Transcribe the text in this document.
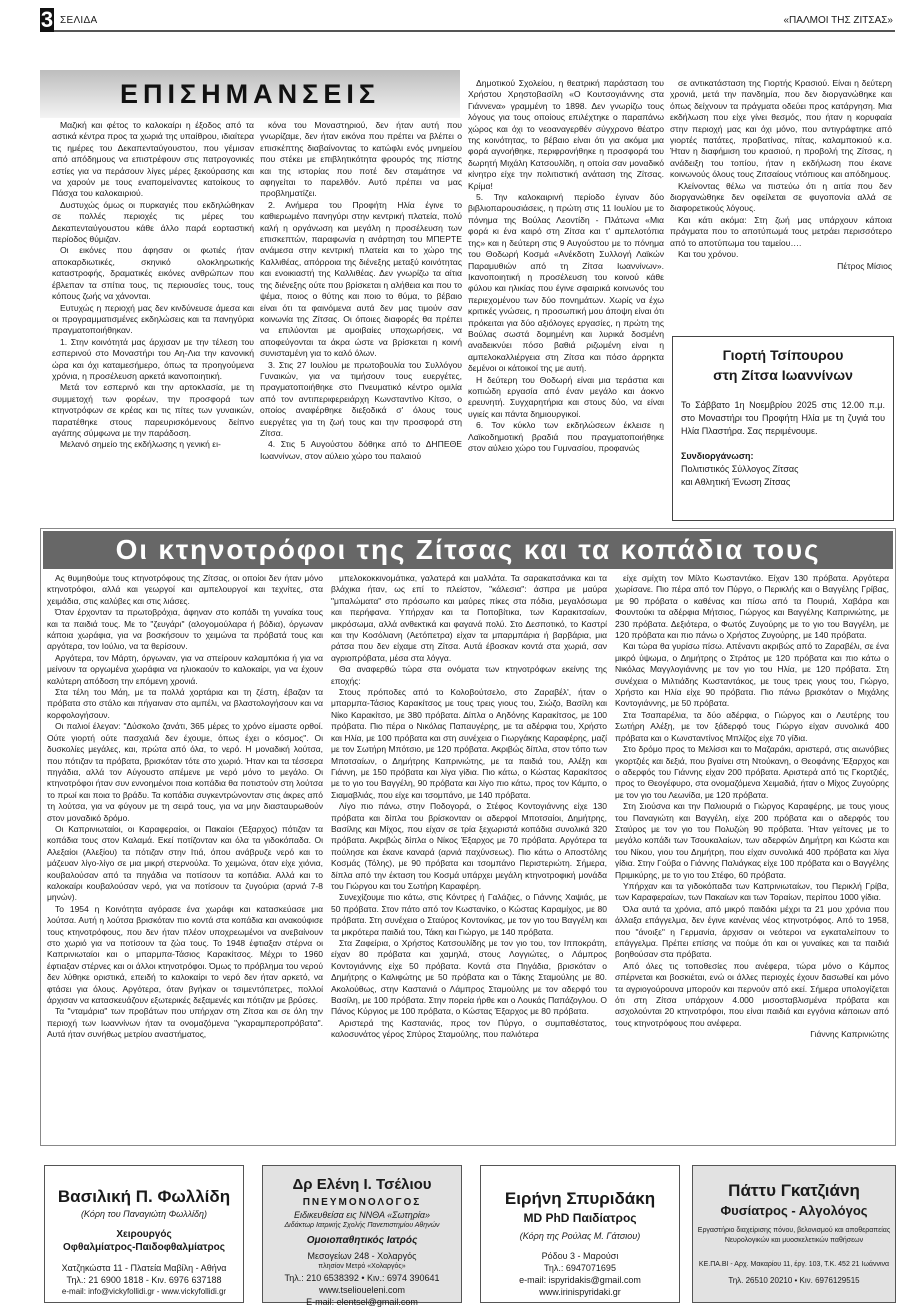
3 ΣΕΛΙΔΑ	«ΠΑΛΜΟΙ ΤΗΣ ΖΙΤΣΑΣ»
ΕΠΙΣΗΜΑΝΣΕΙΣ

Μαζική και φέτος το καλοκαίρι η έξοδος από τα αστικά κέντρα προς τα χωριά της υπαίθρου, ιδιαίτερα τις ημέρες του Δεκαπενταύγουστου, που γέμισαν από απόδημους να επιστρέφουν στις πατρογονικές εστίες για να περάσουν λίγες μέρες ξεκούρασης και να χαρούν με τους εναπομείναντες κατοίκους το Πάσχα του καλοκαιριού.

Δυστυχώς όμως οι πυρκαγιές που εκδηλώθηκαν σε πολλές περιοχές τις μέρες του Δεκαπενταύγουστου κάθε άλλο παρά εορταστική περίοδος θύμιζαν.

Οι εικόνες που άφησαν οι φωτιές ήταν αποκαρδιωτικές, σκηνικό ολοκληρωτικής καταστροφής, δραματικές εικόνες ανθρώπων που έβλεπαν τα σπίτια τους, τις περιουσίες τους, τους κόπους ζωής να χάνονται.

Ευτυχώς η περιοχή μας δεν κινδύνευσε άμεσα και οι προγραμματισμένες εκδηλώσεις και τα πανηγύρια πραγματοποιήθηκαν.

1. Στην κοινότητά μας άρχισαν με την τέλεση του εσπερινού στο Μοναστήρι του Αη-Λια την κανονική ώρα και όχι καταμεσήμερο, όπως τα προηγούμενα χρόνια, η προσέλευση αρκετά ικανοποιητική.

Μετά τον εσπερινό και την αρτοκλασία, με τη συμμετοχή των φορέων, την προσφορά των κτηνοτρόφων σε κρέας και τις πίτες των γυναικών, παρατέθηκε στους παρευρισκόμενους δείπνο αγάπης σύμφωνα με την παράδοση.

Μελανό σημείο της εκδήλωσης η γενική ει-

κόνα του Μοναστηριού, δεν ήταν αυτή που γνωρίζαμε, δεν ήταν εικόνα που πρέπει να βλέπει ο επισκέπτης διαβαίνοντας το κατώφλι ενός μνημείου που στέκει με επιβλητικότητα φρουρός της πίστης και της ιστορίας που ποτέ δεν σταμάτησε να αφηγείται το παρελθόν. Αυτό πρέπει να μας προβληματίζει.

2. Ανήμερα του Προφήτη Ηλία έγινε το καθιερωμένο πανηγύρι στην κεντρική πλατεία, πολύ καλή η οργάνωση και μεγάλη η προσέλευση των επισκεπτών, παραφωνία η ανάρτηση του ΜΠΕΡΤΕ ανάμεσα στην κεντρική πλατεία και το χώρο της Καλλιθέας, απόρροια της διένεξης μεταξύ κοινότητας και ενοικιαστή της Καλλιθέας. Δεν γνωρίζω τα αίτια της διένεξης ούτε που βρίσκεται η αλήθεια και που το ψέμα, ποιος ο θύτης και ποιο το θύμα, το βέβαιο είναι ότι τα φαινόμενα αυτά δεν μας τιμούν σαν κοινωνία της Ζίτσας. Οι όποιες διαφορές θα πρέπει να επιλύονται με αμοιβαίες υποχωρήσεις, να αποφεύγονται τα άκρα ώστε να βρίσκεται η κοινή συνισταμένη για το καλό όλων.

3. Στις 27 Ιουλίου με πρωτοβουλία του Συλλόγου Γυναικών, για να τιμήσουν τους ευεργέτες, πραγματοποιήθηκε στο Πνευματικό κέντρο ομιλία από τον αντιπεριφερειάρχη Κωνσταντίνο Κίτσο, ο οποίος αναφέρθηκε διεξοδικά σ' όλους τους ευεργέτες για τη ζωή τους και την προσφορά στη Ζίτσα.

4. Στις 5 Αυγούστου δόθηκε από το ΔΗΠΕΘΕ Ιωαννίνων, στον αύλειο χώρο του παλαιού

Δημοτικού Σχολείου, η θεατρική παράσταση του Χρήστου Χρηστοβασίλη «Ο Κουτσογιάννης στα Γιάννενα» γραμμένη το 1898. Δεν γνωρίζω τους λόγους για τους οποίους επιλέχτηκε ο παραπάνω χώρος και όχι το νεοαναγερθέν σύγχρονο θέατρο της κοινότητας, το βέβαιο είναι ότι για ακόμα μια φορά αγνοήθηκε, περιφρονήθηκε η προσφορά του δωρητή Μιχάλη Κατσουλίδη, η οποία σαν μοναδικό κίνητρο είχε την πολιτιστική ανάταση της Ζίτσας. Κρίμα!

5. Την καλοκαιρινή περίοδο έγιναν δύο βιβλιοπαρουσιάσεις, η πρώτη στις 11 Ιουλίου με το πόνημα της Βούλας Λεοντίδη - Πλάτωνα «Μια φορά κι ένα καιρό στη Ζίτσα και τ' αμπελοτόπια της» και η δεύτερη στις 9 Αυγούστου με το πόνημα του Θοδωρή Κοσμά «Ανέκδοτη Συλλογή Λαϊκών Παραμυθιών από τη Ζίτσα Ιωαννίνων». Ικανοποιητική η προσέλευση του κοινού κάθε φύλου και ηλικίας που έγινε σφαιρικά κοινωνός του περιεχομένου των δύο πονημάτων. Χωρίς να έχω κριτικές γνώσεις, η προσωπική μου άποψη είναι ότι πρόκειται για δύο αξιόλογες εργασίες, η πρώτη της Βούλας σωστά δομημένη και λυρικά δοσμένη αναδεικνύει πόσο βαθιά ριζωμένη είναι η αμπελοκαλλιέργεια στη Ζίτσα και πόσο άρρηκτα δεμένοι οι κάτοικοί της με αυτή.

Η δεύτερη του Θοδωρή είναι μια τεράστια και κοπιώδη εργασία από έναν μεγάλο και άοκνο ερευνητή. Συγχαρητήρια και στους δύο, να είναι υγιείς και πάντα δημιουργικοί.

6. Τον κύκλο των εκδηλώσεων έκλεισε η Λαϊκοδημοτική βραδιά που πραγματοποιήθηκε στον αύλειο χώρο του Γυμνασίου, προφανώς

σε αντικατάσταση της Γιορτής Κρασιού. Είναι η δεύτερη χρονιά, μετά την πανδημία, που δεν διοργανώθηκε και όπως δείχνουν τα πράγματα οδεύει προς κατάργηση. Μια εκδήλωση που είχε γίνει θεσμός, που ήταν η κορυφαία στην περιοχή μας και όχι μόνο, που αντιγράφτηκε από γιορτές πατάτες, προβατίνας, πίτας, καλαμποκιού κ.α. Ήταν η διαφήμιση του κρασιού, η προβολή της Ζίτσας, η ανάδειξη του τοπίου, ήταν η εκδήλωση που έκανε κοινωνούς όλους τους Ζιτσαίους ντόπιους και απόδημους.

Κλείνοντας θέλω να πιστεύω ότι η αιτία που δεν διοργανώθηκε δεν οφείλεται σε φυγοπονία αλλά σε διαφορετικούς λόγους.

Και κάτι ακόμα: Στη ζωή μας υπάρχουν κάποια πράγματα που το αποτύπωμά τους μετράει περισσότερο από το αποτύπωμα του ταμείου….

Και του χρόνου.

Πέτρος Μίσιος

Γιορτή Τσίπουρου
στη Ζίτσα Ιωαννίνων
Το Σάββατο 1η Νοεμβρίου 2025 στις 12.00 π.μ. στο Μοναστήρι του Προφήτη Ηλία με τη ζυγιά του Ηλία Πλαστήρα. Σας περιμένουμε.
Συνδιοργάνωση:
Πολιτιστικός Σύλλογος Ζίτσας
και Αθλητική Ένωση Ζίτσας
Οι κτηνοτρόφοι της Ζίτσας και τα κοπάδια τους

Ας θυμηθούμε τους κτηνοτρόφους της Ζίτσας, οι οποίοι δεν ήταν μόνο κτηνοτρόφοι, αλλά και γεωργοί και αμπελουργοί και τεχνίτες, στα χειμάδια, στις καλύβες και στις λιάσες.

Όταν έρχονταν τα πρωτοβρόχια, άφηναν στο κοπάδι τη γυναίκα τους και τα παιδιά τους. Με το "ζευγάρι" (αλογομούλαρα ή βόδια), όργωναν κάποια χωράφια, για να βοσκήσουν το χειμώνα τα πρόβατά τους και αργότερα, τον Ιούλιο, να τα θερίσουν.

Αργότερα, τον Μάρτη, όργωναν, για να σπείρουν καλαμπόκια ή για να μείνουν τα οργωμένα χωράφια να ηλιοκαούν το καλοκαίρι, για να έχουν καλύτερη απόδοση την επόμενη χρονιά.

Στα τέλη του Μάη, με τα πολλά χορτάρια και τη ζέστη, έβαζαν τα πρόβατα στο στάλο και πήγαιναν στο αμπέλι, να βλαστολογήσουν και να κορφολογήσουν.

Οι παλιοί έλεγαν: "Δύσκολο ζανάτι, 365 μέρες το χρόνο είμαστε ορθοί. Ούτε γιορτή ούτε πασχαλιά δεν έχουμε, όπως έχει ο κόσμος". Οι δυσκολίες μεγάλες, και, πρώτα από όλα, το νερό. Η μοναδική λούτσα, που πότιζαν τα πρόβατα, βρισκόταν τότε στο χωριό. Ήταν και τα τέσσερα πηγάδια, αλλά τον Αύγουστο απέμενε με νερό μόνο το μεγάλο. Οι κτηνοτρόφοι ήταν συν εννοημένοι ποια κοπάδια θα ποτιστούν στη λούτσα το πρωί και ποια το βράδυ. Τα κοπάδια συγκεντρώνονταν στις άκρες από τη λούτσα, για να φύγουν με τη σειρά τους, για να μην διασταυρωθούν στον μοναδικό δρόμο.

Οι Καπρινιωταίοι, οι Καραφεραίοι, οι Πακαίοι (Έξαρχος) πότιζαν τα κοπάδια τους στον Καλαμά. Εκεί ποτίζονταν και όλα τα γιδοκόπαδα. Οι Αλεξαίοι (Αλεξίου) τα πότιζαν στην Ιτιά, όπου ανάβρυζε νερό και το μάζευαν λίγο-λίγο σε μια μικρή στερνούλα. Το χειμώνα, όταν είχε χιόνια, κουβαλούσαν από τα πηγάδια να ποτίσουν τα κοπάδια. Αλλά και το καλοκαίρι κουβαλούσαν νερό, για να ποτίσουν τα ζυγούρια (αρνιά 7-8 μηνών).

Το 1954 η Κοινότητα αγόρασε ένα χωράφι και κατασκεύασε μια λούτσα. Αυτή η λούτσα βρισκόταν πιο κοντά στα κοπάδια και ανακούφισε τους κτηνοτρόφους, που δεν ήταν πλέον υποχρεωμένοι να ανεβαίνουν στο χωριό για να ποτίσουν τα ζώα τους. Το 1948 έφτιαξαν στέρνα οι Καπρινιωταίοι και ο μπαρμπα-Τάσιος Καρακίτσος. Μέχρι το 1960 έφτιαξαν στέρνες και οι άλλοι κτηνοτρόφοι. Όμως το πρόβλημα του νερού δεν λύθηκε οριστικά, επειδή το καλοκαίρι το νερό δεν ήταν αρκετό, να φτάσει για όλους. Αργότερα, όταν βγήκαν οι τσιμεντόπετρες, πολλοί άρχισαν να κατασκευάζουν εξωτερικές δεξαμενές και πότιζαν με βρύσες.

Τα "νταμάρια" των προβάτων που υπήρχαν στη Ζίτσα και σε όλη την περιοχή των Ιωαννίνων ήταν τα ονομαζόμενα "γκαραμπεροπρόβατα". Αυτά ήταν συνήθως μετρίου αναστήματος,

μπελοκοκκινομάτικα, γαλατερά και μαλλάτα. Τα σαρακατσάνικα και τα βλάχικα ήταν, ως επί το πλείστον, "κάλεσια": άσπρα με μαύρα "μπαλώματα" στο πρόσωπο και μαύρες πίκες στα πόδια, μεγαλόσωμα και περήφανα. Υπήρχαν και τα Ποποβίτικα, των Καρακιτσαίων, μικρόσωμα, αλλά ανθεκτικά και φαγανά πολύ. Στο Δεσποτικό, το Καστρί και την Κοσόλιανη (Αετόπετρα) είχαν τα μπαρμπάρια ή βαρβάρια, μια ράτσα που δεν είχαμε στη Ζίτσα. Αυτά έβοσκαν κοντά στα χωριά, σαν αγριοπρόβατα, μέσα στα λόγγα.

Θα αναφερθώ τώρα στα ονόματα των κτηνοτρόφων εκείνης της εποχής:

Στους πρόποδες από το Κολοβούτσελο, στο Ζαραβέλ', ήταν ο μπαρμπα-Τάσιος Καρακίτσος με τους τρεις γιους του, Σιώζο, Βασίλη και Νίκο Καρακίτσο, με 380 πρόβατα. Δίπλα ο Αηδόνης Καρακίτσος, με 100 πρόβατα. Πιο πέρα ο Νικόλας Παπαυγέρης, με τα αδέρφια του, Χρήστο και Ηλία, με 100 πρόβατα και στη συνέχεια ο Γιωργάκης Καραφέρης, μαζί με τον Σωτήρη Μπότσιο, με 120 πρόβατα. Ακριβώς δίπλα, στον τόπο των Μποτσαίων, ο Δημήτρης Καπρινιώτης, με τα παιδιά του, Αλέξη και Γιάννη, με 150 πρόβατα και λίγα γίδια. Πιο κάτω, ο Κώστας Καρακίτσος με το γιο του Βαγγέλη, 90 πρόβατα και λίγο πιο κάτω, προς τον Κάμπο, ο Σιαμαβλιάς, που είχε και τσομπάνο, με 140 πρόβατα.

Λίγο πιο πάνω, στην Ποδογορά, ο Στέφος Κοντογιάννης είχε 130 πρόβατα και δίπλα του βρίσκονταν οι αδερφοί Μποτσαίοι, Δημήτρης, Βασίλης και Μίχος, που είχαν σε τρία ξεχωριστά κοπάδια συνολικά 320 πρόβατα. Ακριβώς δίπλα ο Νίκος Έξαρχος με 70 πρόβατα. Αργότερα τα πούλησε και έκανε καναρά (αρνιά παχύνσεως). Πιο κάτω ο Αποστόλης Κοσμάς (Τόλης), με 90 πρόβατα και τσομπάνο Περιστεριώτη. Σήμερα, δίπλα από την έκταση του Κοσμά υπάρχει μεγάλη κτηνοτροφική μονάδα του Γιώργου και του Σωτήρη Καραφέρη.

Συνεχίζουμε πιο κάτω, στις Κόντρες ή Γαλάζιες, ο Γιάννης Χαψιάς, με 50 πρόβατα. Στον πάτο από τον Κωστανίκο, ο Κώστας Καραμίχος, με 80 πρόβατα. Στη συνέχεια ο Σταύρος Κοντονίκας, με τον γιο του Βαγγέλη και τα μικρότερα παιδιά του, Τάκη και Γιώργο, με 140 πρόβατα.

Στα Ζαφείρια, ο Χρήστος Κατσουλίδης με τον γιο του, τον Ιπποκράτη, είχαν 80 πρόβατα και χαμηλά, στους Λογγιώτες, ο Λάμπρος Κοντογιάννης είχε 50 πρόβατα. Κοντά στα Πηγάδια, βρισκόταν ο Δημήτρης ο Καλιφώτης με 50 πρόβατα και ο Τάκης Σταμούλης με 80. Ακολούθως, στην Καστανιά ο Λάμπρος Σταμούλης με τον αδερφό του Βασίλη, με 100 πρόβατα. Στην πορεία ήρθε και ο Λουκάς Παπάζογλου. Ο Πάνος Κύργιος με 100 πρόβατα, ο Κώστας Έξαρχος με 80 πρόβατα.

Αριστερά της Καστανιάς, προς τον Πύργο, ο συμπαθέστατος, καλοσυνάτος γέρος Σπύρος Σταμούλης, που παλιότερα

είχε σμίχτη τον Μίλτο Κωσταντάκο. Είχαν 130 πρόβατα. Αργότερα χωρίσανε. Πιο πέρα από τον Πύργο, ο Περικλής και ο Βαγγέλης Γρίβας, με 90 πρόβατα ο καθένας και πίσω από τα Πουριά, Χαβάρα και Φουντούκι τα αδέρφια Μήτσιος, Γιώργος και Βαγγέλης Καπρινιώτης, με 230 πρόβατα. Δεξιότερα, ο Φωτός Ζυγούρης με το γιο του Βαγγέλη, με 120 πρόβατα και πιο πάνω ο Χρήστος Ζυγούρης, με 140 πρόβατα.

Και τώρα θα γυρίσω πίσω. Απέναντι ακριβώς από το Ζαραβέλι, σε ένα μικρό ύψωμα, ο Δημήτρης ο Στράτος με 120 πρόβατα και πιο κάτω ο Νικόλας Μαγγλογιάννης με τον γιο του Ηλία, με 120 πρόβατα. Στη συνέχεια ο Μιλτιάδης Κωσταντάκος, με τους τρεις γιους του, Γιώργο, Χρήστο και Ηλία είχε 90 πρόβατα. Πιο πάνω βρισκόταν ο Μιχάλης Κοντογιάννης, με 50 πρόβατα.

Στα Τσαπαρέλια, τα δύο αδέρφια, ο Γιώργος και ο Λευτέρης του Σωτήρη Αλέξη, με τον ξάδερφό τους Γιώργο είχαν συνολικά 400 πρόβατα και ο Κωνσταντίνος Μπλίζος είχε 70 γίδια.

Στο δρόμο προς το Μελίσσι και το Μαζαράκι, αριστερά, στις αιωνόβιες γκορτζιές και δεξιά, που βγαίνει στη Ντούκανη, ο Θεοφάνης Έξαρχος και ο αδερφός του Γιάννης είχαν 200 πρόβατα. Αριστερά από τις Γκορτζιές, προς το Θεογέφυρο, στα ονομαζόμενα Χειμαδιά, ήταν ο Μίχος Ζυγούρης με τον γιο του Λεωνίδα, με 120 πρόβατα.

Στη Σιούσνα και την Παλιουριά ο Γιώργος Καραφέρης, με τους γιους του Παναγιώτη και Βαγγέλη, είχε 200 πρόβατα και ο αδερφός του Σταύρος με τον γιο του Πολυζώη 90 πρόβατα. Ήταν γείτονες με το μεγάλο κοπάδι των Τσουκαλαίων, των αδερφών Δημήτρη και Κώστα και του Νίκου, γιου του Δημήτρη, που είχαν συνολικά 400 πρόβατα και λίγα γίδια. Στην Γούβα ο Γιάννης Παλιάγκας είχε 100 πρόβατα και ο Βαγγέλης Πριμικύρης, με το γιο του Στέφο, 60 πρόβατα.

Υπήρχαν και τα γιδοκόπαδα των Καπρινιωταίων, του Περικλή Γρίβα, των Καραφεραίων, των Πακαίων και των Τοραίων, περίπου 1000 γίδια.

Όλα αυτά τα χρόνια, από μικρό παιδάκι μέχρι τα 21 μου χρόνια που άλλαξα επάγγελμα, δεν έγινε κανένας νέος κτηνοτρόφος. Από το 1958, που "άνοιξε" η Γερμανία, άρχισαν οι νεότεροι να εγκαταλείπουν το επάγγελμα. Πρέπει επίσης να πούμε ότι και οι γυναίκες και τα παιδιά βοηθούσαν στα πρόβατα.

Από όλες τις τοποθεσίες που ανέφερα, τώρα μόνο ο Κάμπος σπέρνεται και βοσκιέται, ενώ οι άλλες περιοχές έχουν δασωθεί και μόνο τα αγριογούρουνα μπορούν και περνούν από εκεί. Σήμερα υπολογίζεται ότι στη Ζίτσα υπάρχουν 4.000 μισοσταβλισμένα πρόβατα και ασχολούνται 20 κτηνοτρόφοι, που είναι παιδιά και εγγόνια κάποιων από τους κτηνοτρόφους που ανέφερα.

Γιάννης Καπρινιώτης

Βασιλική Π. Φωλλίδη
(Κόρη του Παναγιώτη Φωλλίδη)
Χειρουργός
Οφθαλμίατρος-Παιδοφθαλμίατρος
Χατζηκώστα 11 - Πλατεία Μαβίλη - Αθήνα
Τηλ.: 21 6900 1818 - Κιν. 6976 637188
e-mail: info@vickyfollidi.gr - www.vickyfollidi.gr
Δρ Ελένη Ι. Τσέλιου
ΠΝΕΥΜΟΝΟΛΟΓΟΣ
Ειδικευθείσα εις ΝΝΘΑ «Σωτηρία»
Διδάκτωρ Ιατρικής Σχολής Πανεπιστημίου Αθηνών
Ομοιοπαθητικός Ιατρός
Μεσογείων 248 - Χολαργός
πλησίον Μετρό «Χολαργός»
Τηλ.: 210 6538392 • Κιν.: 6974 390641
www.tselioueleni.com
E-mail: elentsel@gmail.com
Ειρήνη Σπυριδάκη
MD PhD Παιδίατρος
(Κόρη της Ρούλας Μ. Γάτσιου)
Ρόδου 3 - Μαρούσι
Τηλ.: 6947071695
e-mail: ispyridakis@gmail.com
www.irinispyridaki.gr
Πάττυ Γκατζιάνη
Φυσίατρος - Αλγολόγος
Εργαστήριο διαχείρισης πόνου, βελονισμού και αποθεραπείας
Νευρολογικών και μυοσκελετικών παθήσεων
ΚΕ.ΠΑ.ΒΙ - Αρχ. Μακαρίου 11, έργ. 103, Τ.Κ. 452 21 Ιωάννινα
Τηλ. 26510 20210 • Κιν. 6976129515
